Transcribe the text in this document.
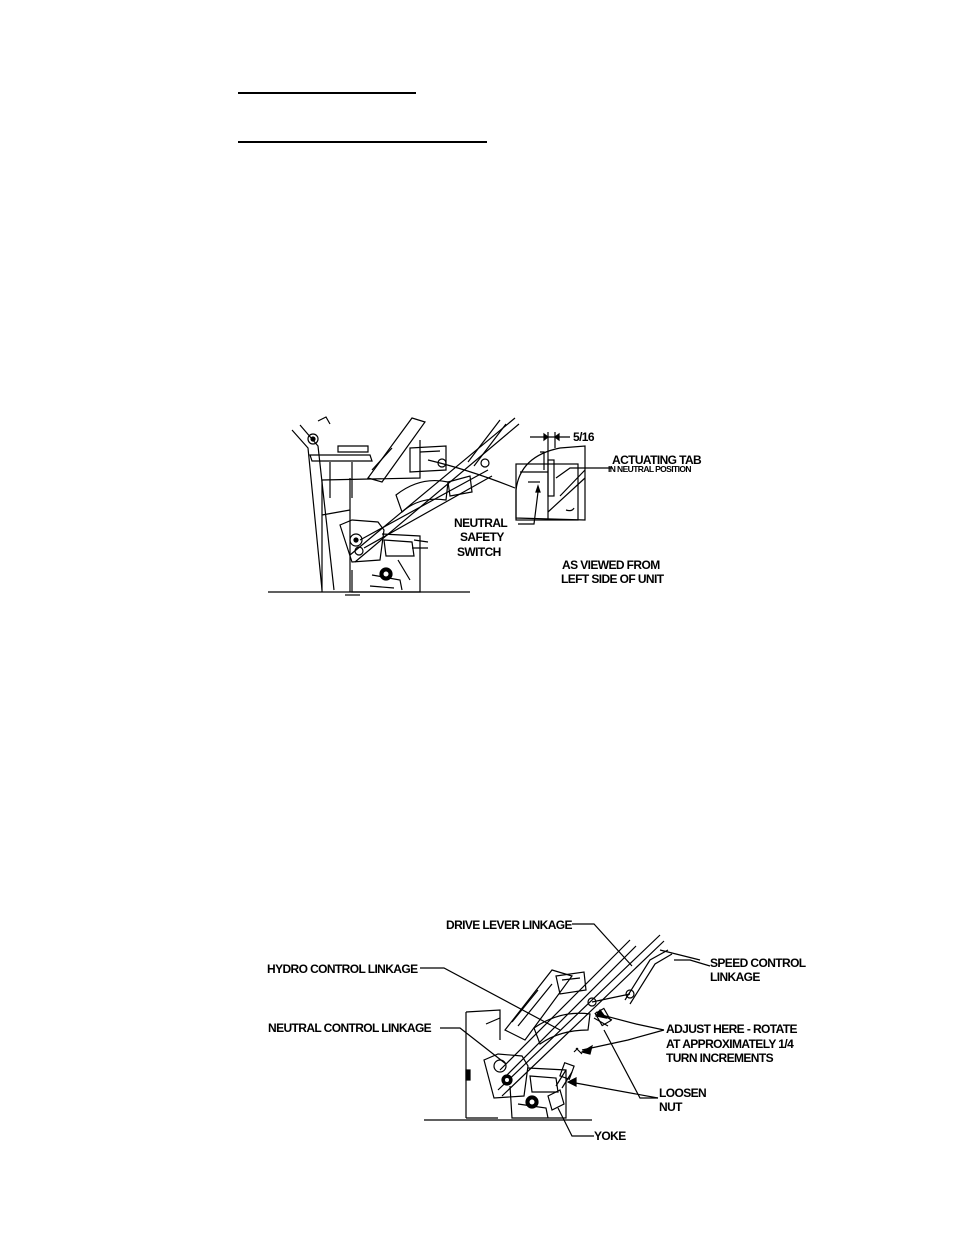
5/16
ACTUATING TAB
IN NEUTRAL POSITION
NEUTRAL
SAFETY
SWITCH
AS VIEWED FROM
LEFT SIDE OF UNIT
DRIVE LEVER LINKAGE
HYDRO CONTROL LINKAGE
NEUTRAL CONTROL LINKAGE
SPEED CONTROL
LINKAGE
ADJUST HERE - ROTATE
AT APPROXIMATELY 1/4
TURN INCREMENTS
LOOSEN
NUT
YOKE
